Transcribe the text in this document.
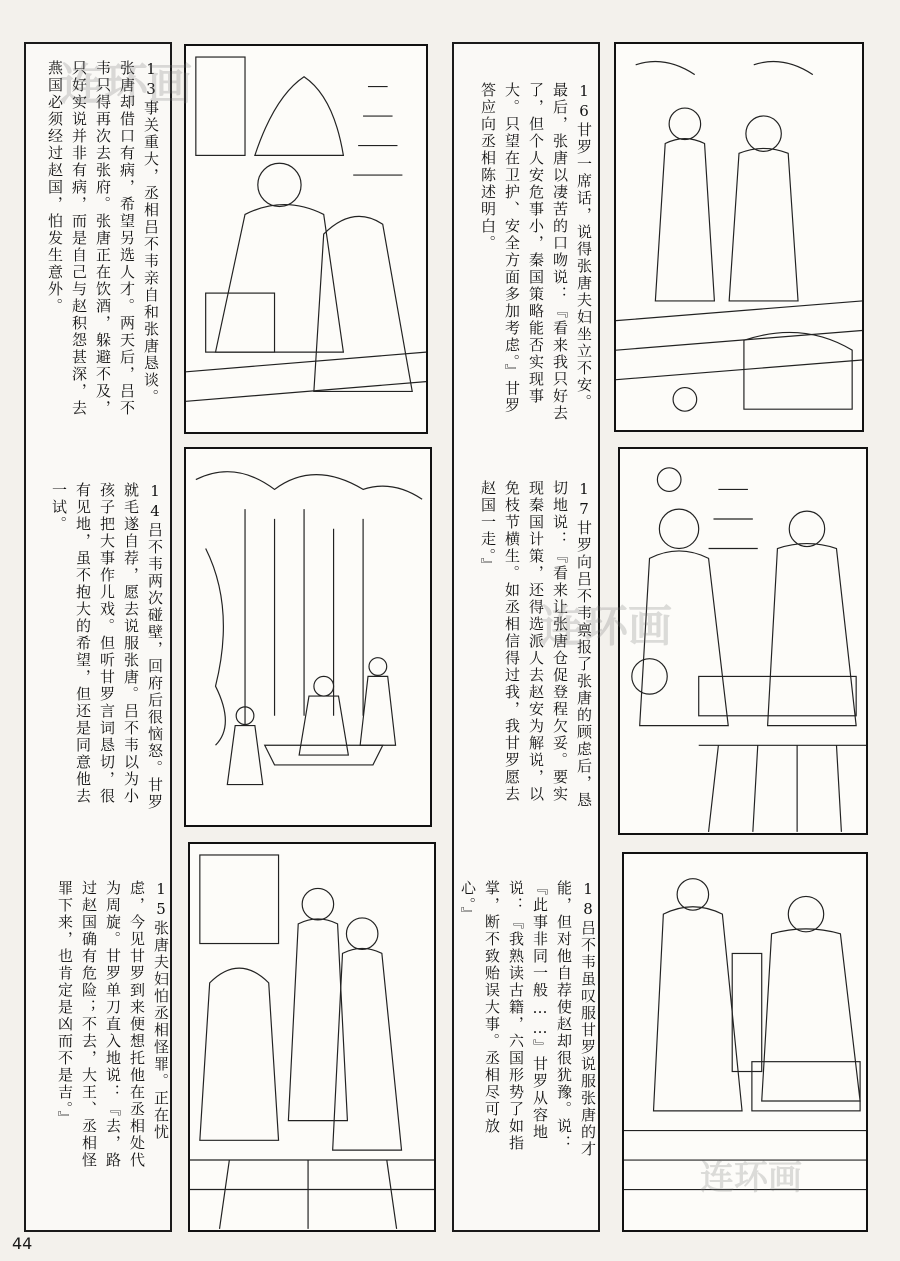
13事关重大，丞相吕不韦亲自和张唐恳谈。张唐却借口有病，希望另选人才。两天后，吕不韦只得再次去张府。张唐正在饮酒，躲避不及，只好实说并非有病，而是自己与赵积怨甚深，去燕国必须经过赵国，怕发生意外。
14吕不韦两次碰壁，回府后很恼怒。甘罗就毛遂自荐，愿去说服张唐。吕不韦以为小孩子把大事作儿戏。但听甘罗言词恳切，很有见地，虽不抱大的希望，但还是同意他去一试。
15张唐夫妇怕丞相怪罪。正在忧虑，今见甘罗到来便想托他在丞相处代为周旋。甘罗单刀直入地说：『去，路过赵国确有危险；不去，大王、丞相怪罪下来，也肯定是凶而不是吉。』
16甘罗一席话，说得张唐夫妇坐立不安。最后，张唐以凄苦的口吻说：『看来我只好去了，但个人安危事小，秦国策略能否实现事大。只望在卫护、安全方面多加考虑。』甘罗答应向丞相陈述明白。
17甘罗向吕不韦禀报了张唐的顾虑后，恳切地说：『看来让张唐仓促登程欠妥。要实现秦国计策，还得选派人去赵安为解说，以免枝节横生。如丞相信得过我，我甘罗愿去赵国一走。』
18吕不韦虽叹服甘罗说服张唐的才能，但对他自荐使赵却很犹豫。说：『此事非同一般……』甘罗从容地说：『我熟读古籍，六国形势了如指掌，断不致贻误大事。丞相尽可放心。』
连环画
连环画
连环画
44
